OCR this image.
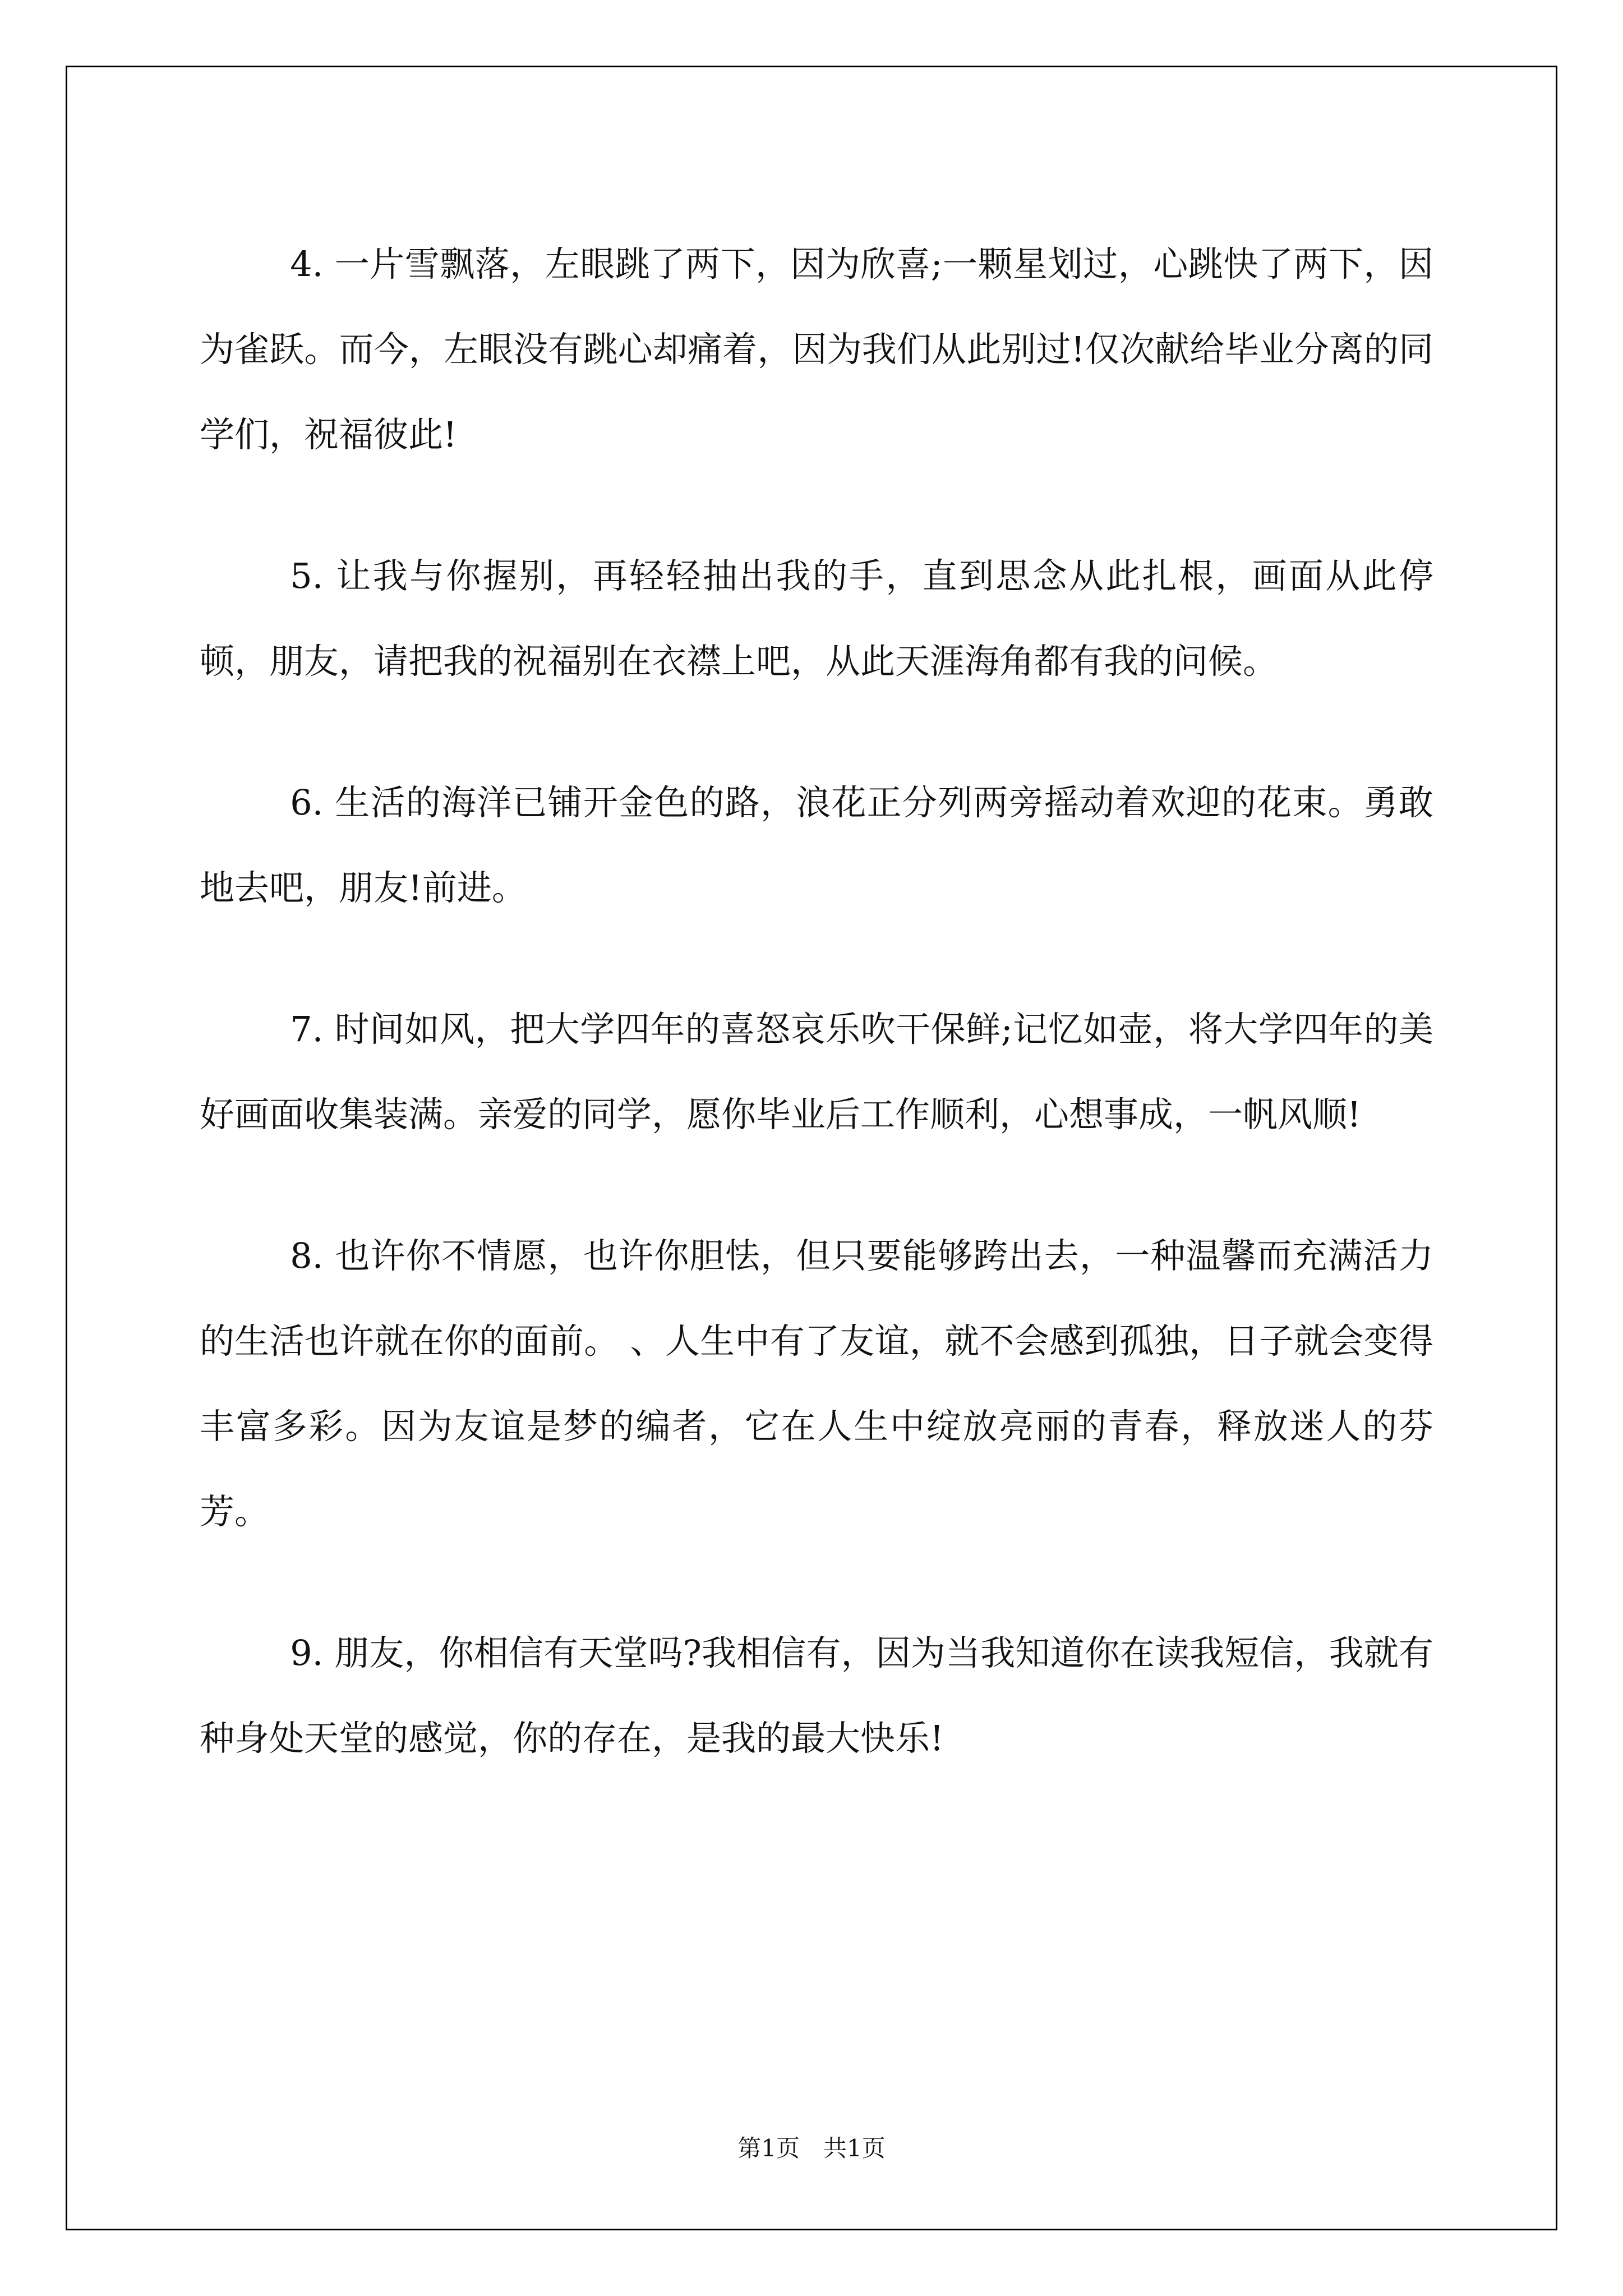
4. 一片雪飘落，左眼跳了两下，因为欣喜;一颗星划过，心跳快了两下，因为雀跃。而今，左眼没有跳心却痛着，因为我们从此别过!仅次献给毕业分离的同学们，祝福彼此!

5. 让我与你握别，再轻轻抽出我的手，直到思念从此扎根，画面从此停顿，朋友，请把我的祝福别在衣襟上吧，从此天涯海角都有我的问候。

6. 生活的海洋已铺开金色的路，浪花正分列两旁摇动着欢迎的花束。勇敢地去吧，朋友!前进。

7. 时间如风，把大学四年的喜怒哀乐吹干保鲜;记忆如壶，将大学四年的美好画面收集装满。亲爱的同学，愿你毕业后工作顺利，心想事成，一帆风顺!

8. 也许你不情愿，也许你胆怯，但只要能够跨出去，一种温馨而充满活力的生活也许就在你的面前。 、人生中有了友谊，就不会感到孤独，日子就会变得丰富多彩。因为友谊是梦的编者，它在人生中绽放亮丽的青春，释放迷人的芬芳。

9. 朋友，你相信有天堂吗?我相信有，因为当我知道你在读我短信，我就有种身处天堂的感觉，你的存在，是我的最大快乐!

第1页　共1页
